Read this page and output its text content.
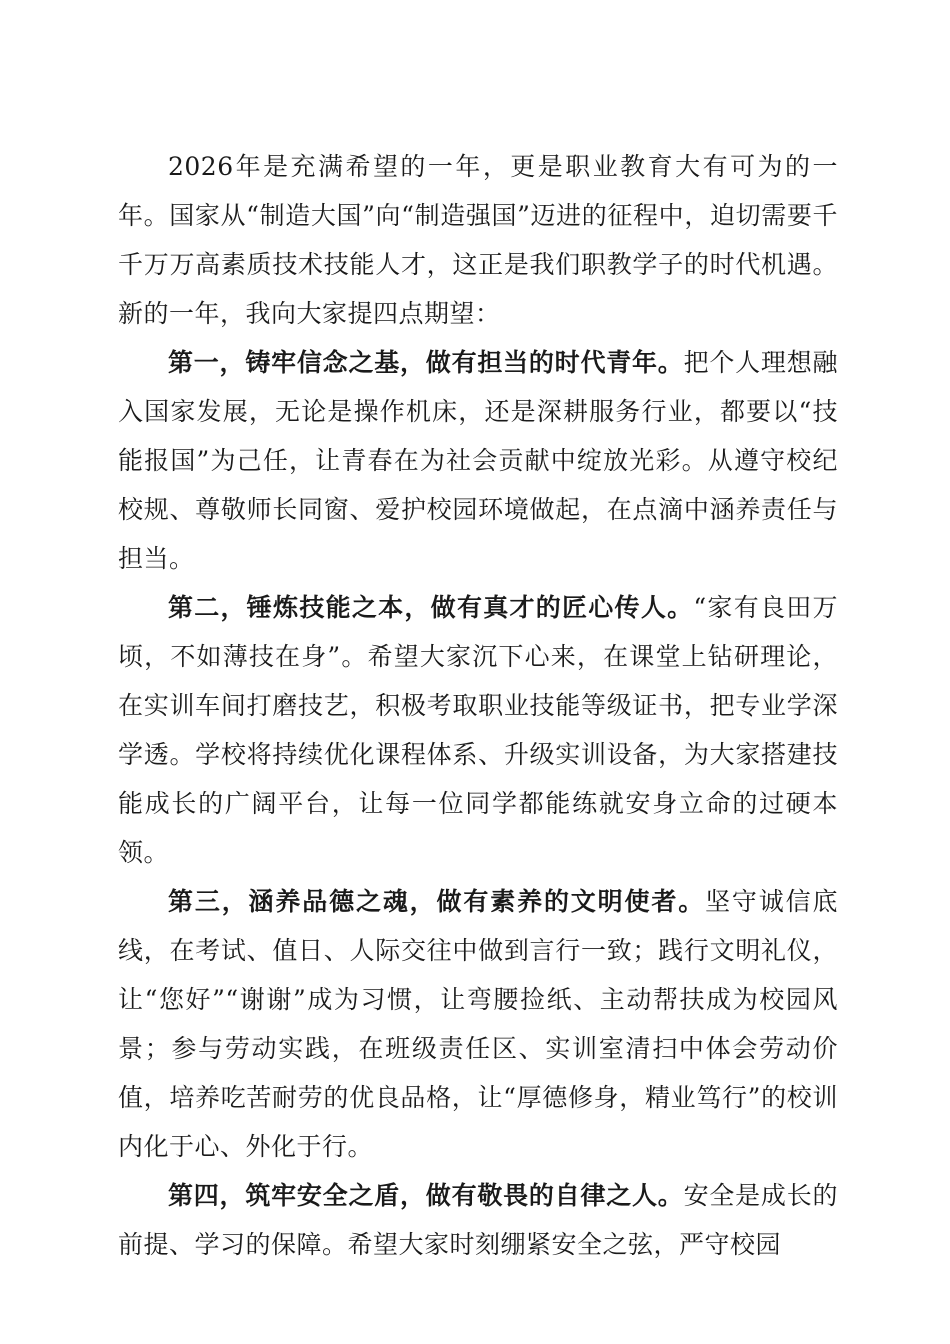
2026年是充满希望的一年，更是职业教育大有可为的一年。国家从“制造大国”向“制造强国”迈进的征程中，迫切需要千千万万高素质技术技能人才，这正是我们职教学子的时代机遇。新的一年，我向大家提四点期望：

第一，铸牢信念之基，做有担当的时代青年。把个人理想融入国家发展，无论是操作机床，还是深耕服务行业，都要以“技能报国”为己任，让青春在为社会贡献中绽放光彩。从遵守校纪校规、尊敬师长同窗、爱护校园环境做起，在点滴中涵养责任与担当。

第二，锤炼技能之本，做有真才的匠心传人。“家有良田万顷，不如薄技在身”。希望大家沉下心来，在课堂上钻研理论，在实训车间打磨技艺，积极考取职业技能等级证书，把专业学深学透。学校将持续优化课程体系、升级实训设备，为大家搭建技能成长的广阔平台，让每一位同学都能练就安身立命的过硬本领。

第三，涵养品德之魂，做有素养的文明使者。坚守诚信底线，在考试、值日、人际交往中做到言行一致；践行文明礼仪，让“您好”“谢谢”成为习惯，让弯腰捡纸、主动帮扶成为校园风景；参与劳动实践，在班级责任区、实训室清扫中体会劳动价值，培养吃苦耐劳的优良品格，让“厚德修身，精业笃行”的校训内化于心、外化于行。

第四，筑牢安全之盾，做有敬畏的自律之人。安全是成长的前提、学习的保障。希望大家时刻绷紧安全之弦，严守校园
